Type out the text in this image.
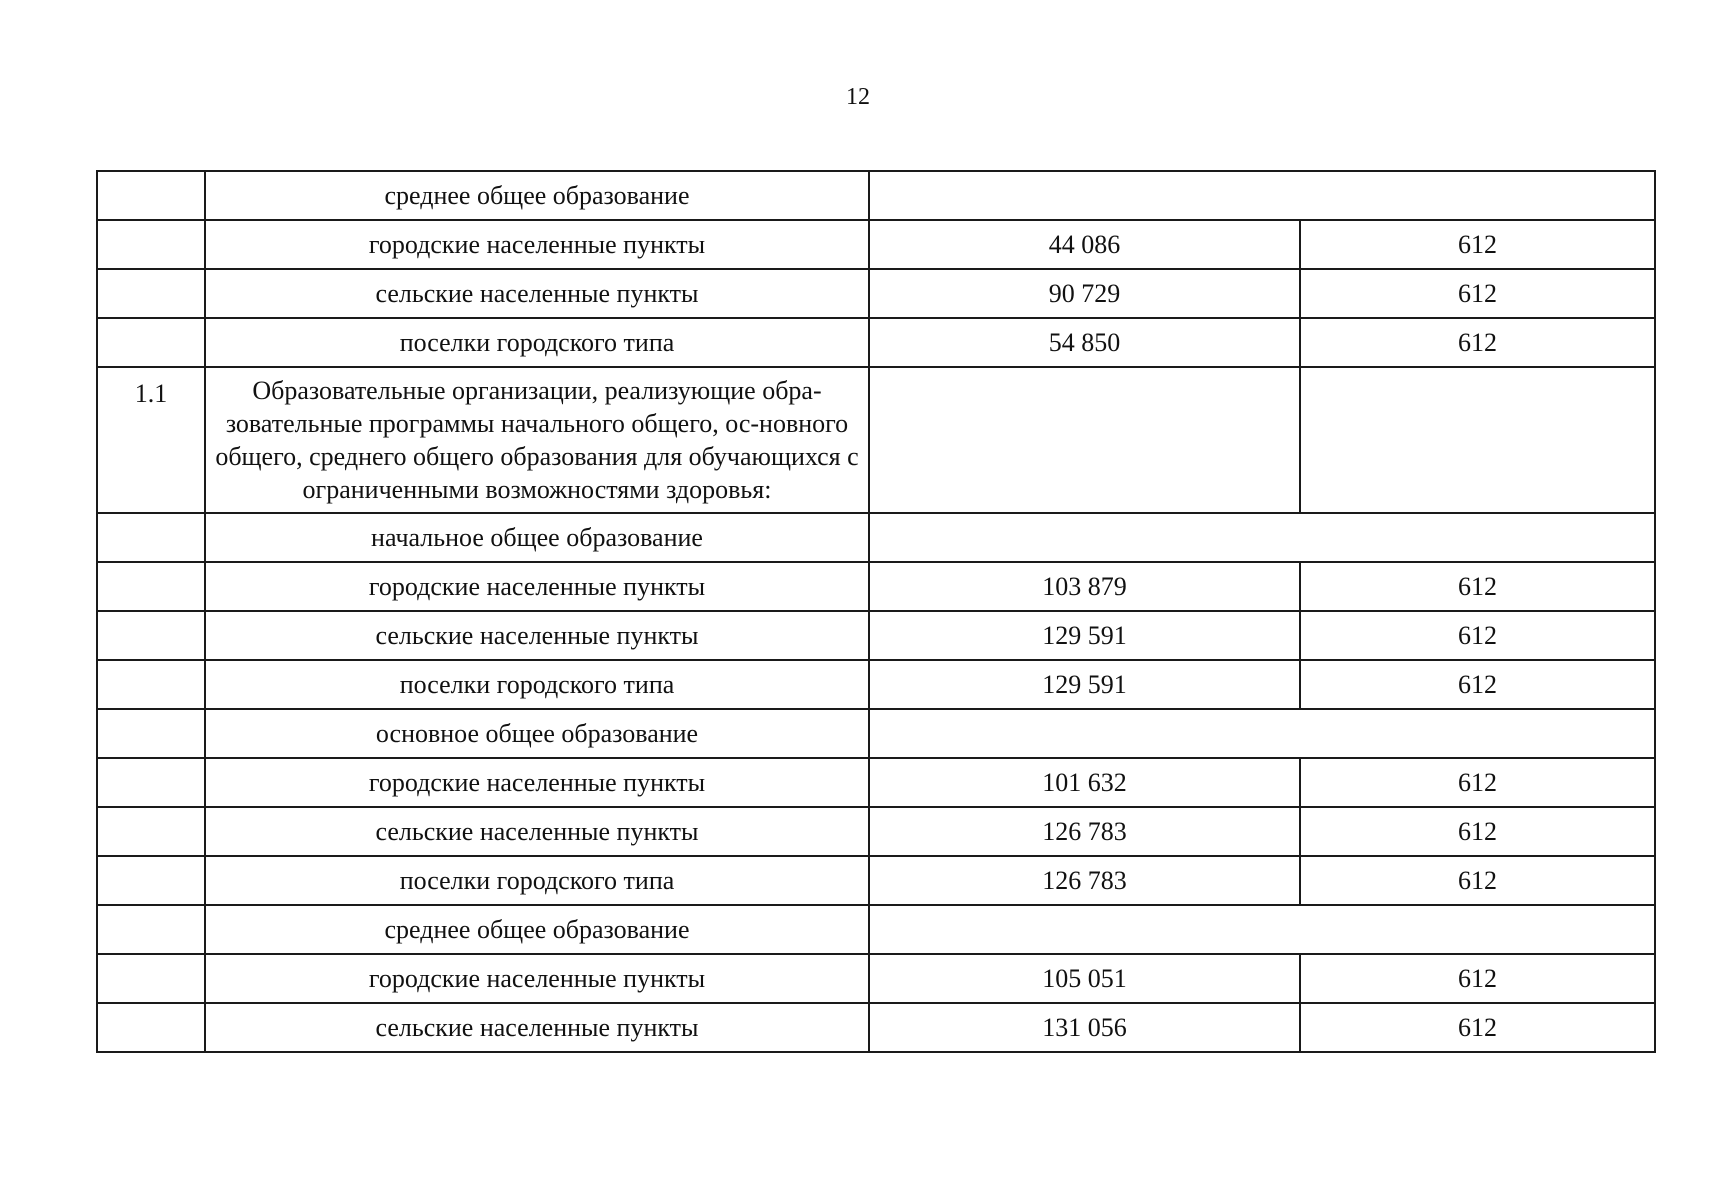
12
	среднее общее образование		
	городские населенные пункты	44 086	612
	сельские населенные пункты	90 729	612
	поселки городского типа	54 850	612
1.1	Образовательные организации, реализующие обра-зовательные программы начального общего, ос-новного общего, среднего общего образования для обучающихся с ограниченными возможностями здоровья:		
	начальное общее образование		
	городские населенные пункты	103 879	612
	сельские населенные пункты	129 591	612
	поселки городского типа	129 591	612
	основное общее образование		
	городские населенные пункты	101 632	612
	сельские населенные пункты	126 783	612
	поселки городского типа	126 783	612
	среднее общее образование		
	городские населенные пункты	105 051	612
	сельские населенные пункты	131 056	612
